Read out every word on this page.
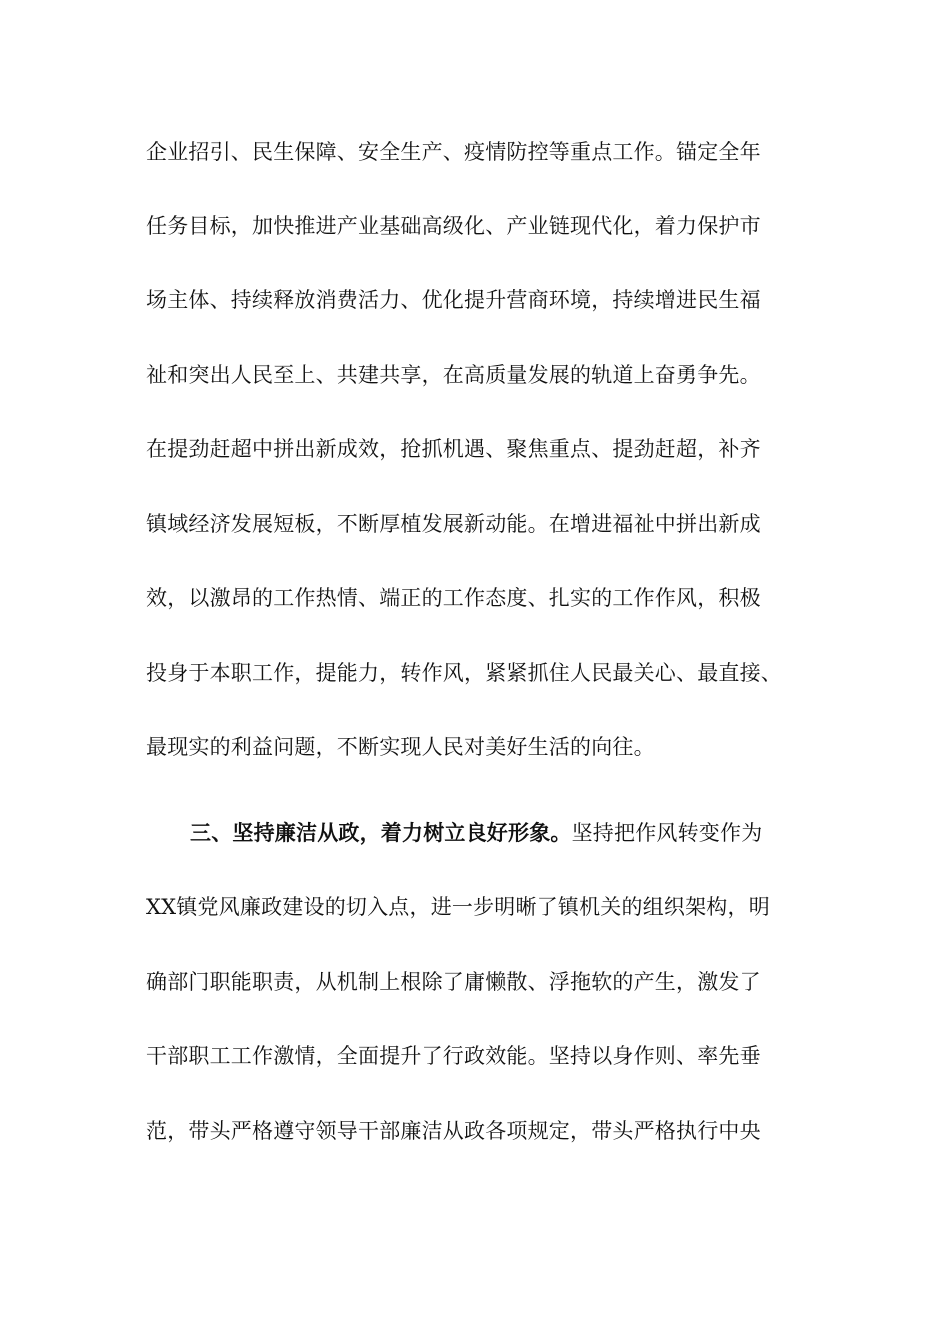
企业招引、民生保障、安全生产、疫情防控等重点工作。锚定全年
任务目标，加快推进产业基础高级化、产业链现代化，着力保护市
场主体、持续释放消费活力、优化提升营商环境，持续增进民生福
祉和突出人民至上、共建共享，在高质量发展的轨道上奋勇争先。
在提劲赶超中拼出新成效，抢抓机遇、聚焦重点、提劲赶超，补齐
镇域经济发展短板，不断厚植发展新动能。在增进福祉中拼出新成
效，以激昂的工作热情、端正的工作态度、扎实的工作作风，积极
投身于本职工作，提能力，转作风，紧紧抓住人民最关心、最直接、
最现实的利益问题，不断实现人民对美好生活的向往。
三、坚持廉洁从政，着力树立良好形象。坚持把作风转变作为
XX镇党风廉政建设的切入点，进一步明晰了镇机关的组织架构，明
确部门职能职责，从机制上根除了庸懒散、浮拖软的产生，激发了
干部职工工作激情，全面提升了行政效能。坚持以身作则、率先垂
范，带头严格遵守领导干部廉洁从政各项规定，带头严格执行中央
